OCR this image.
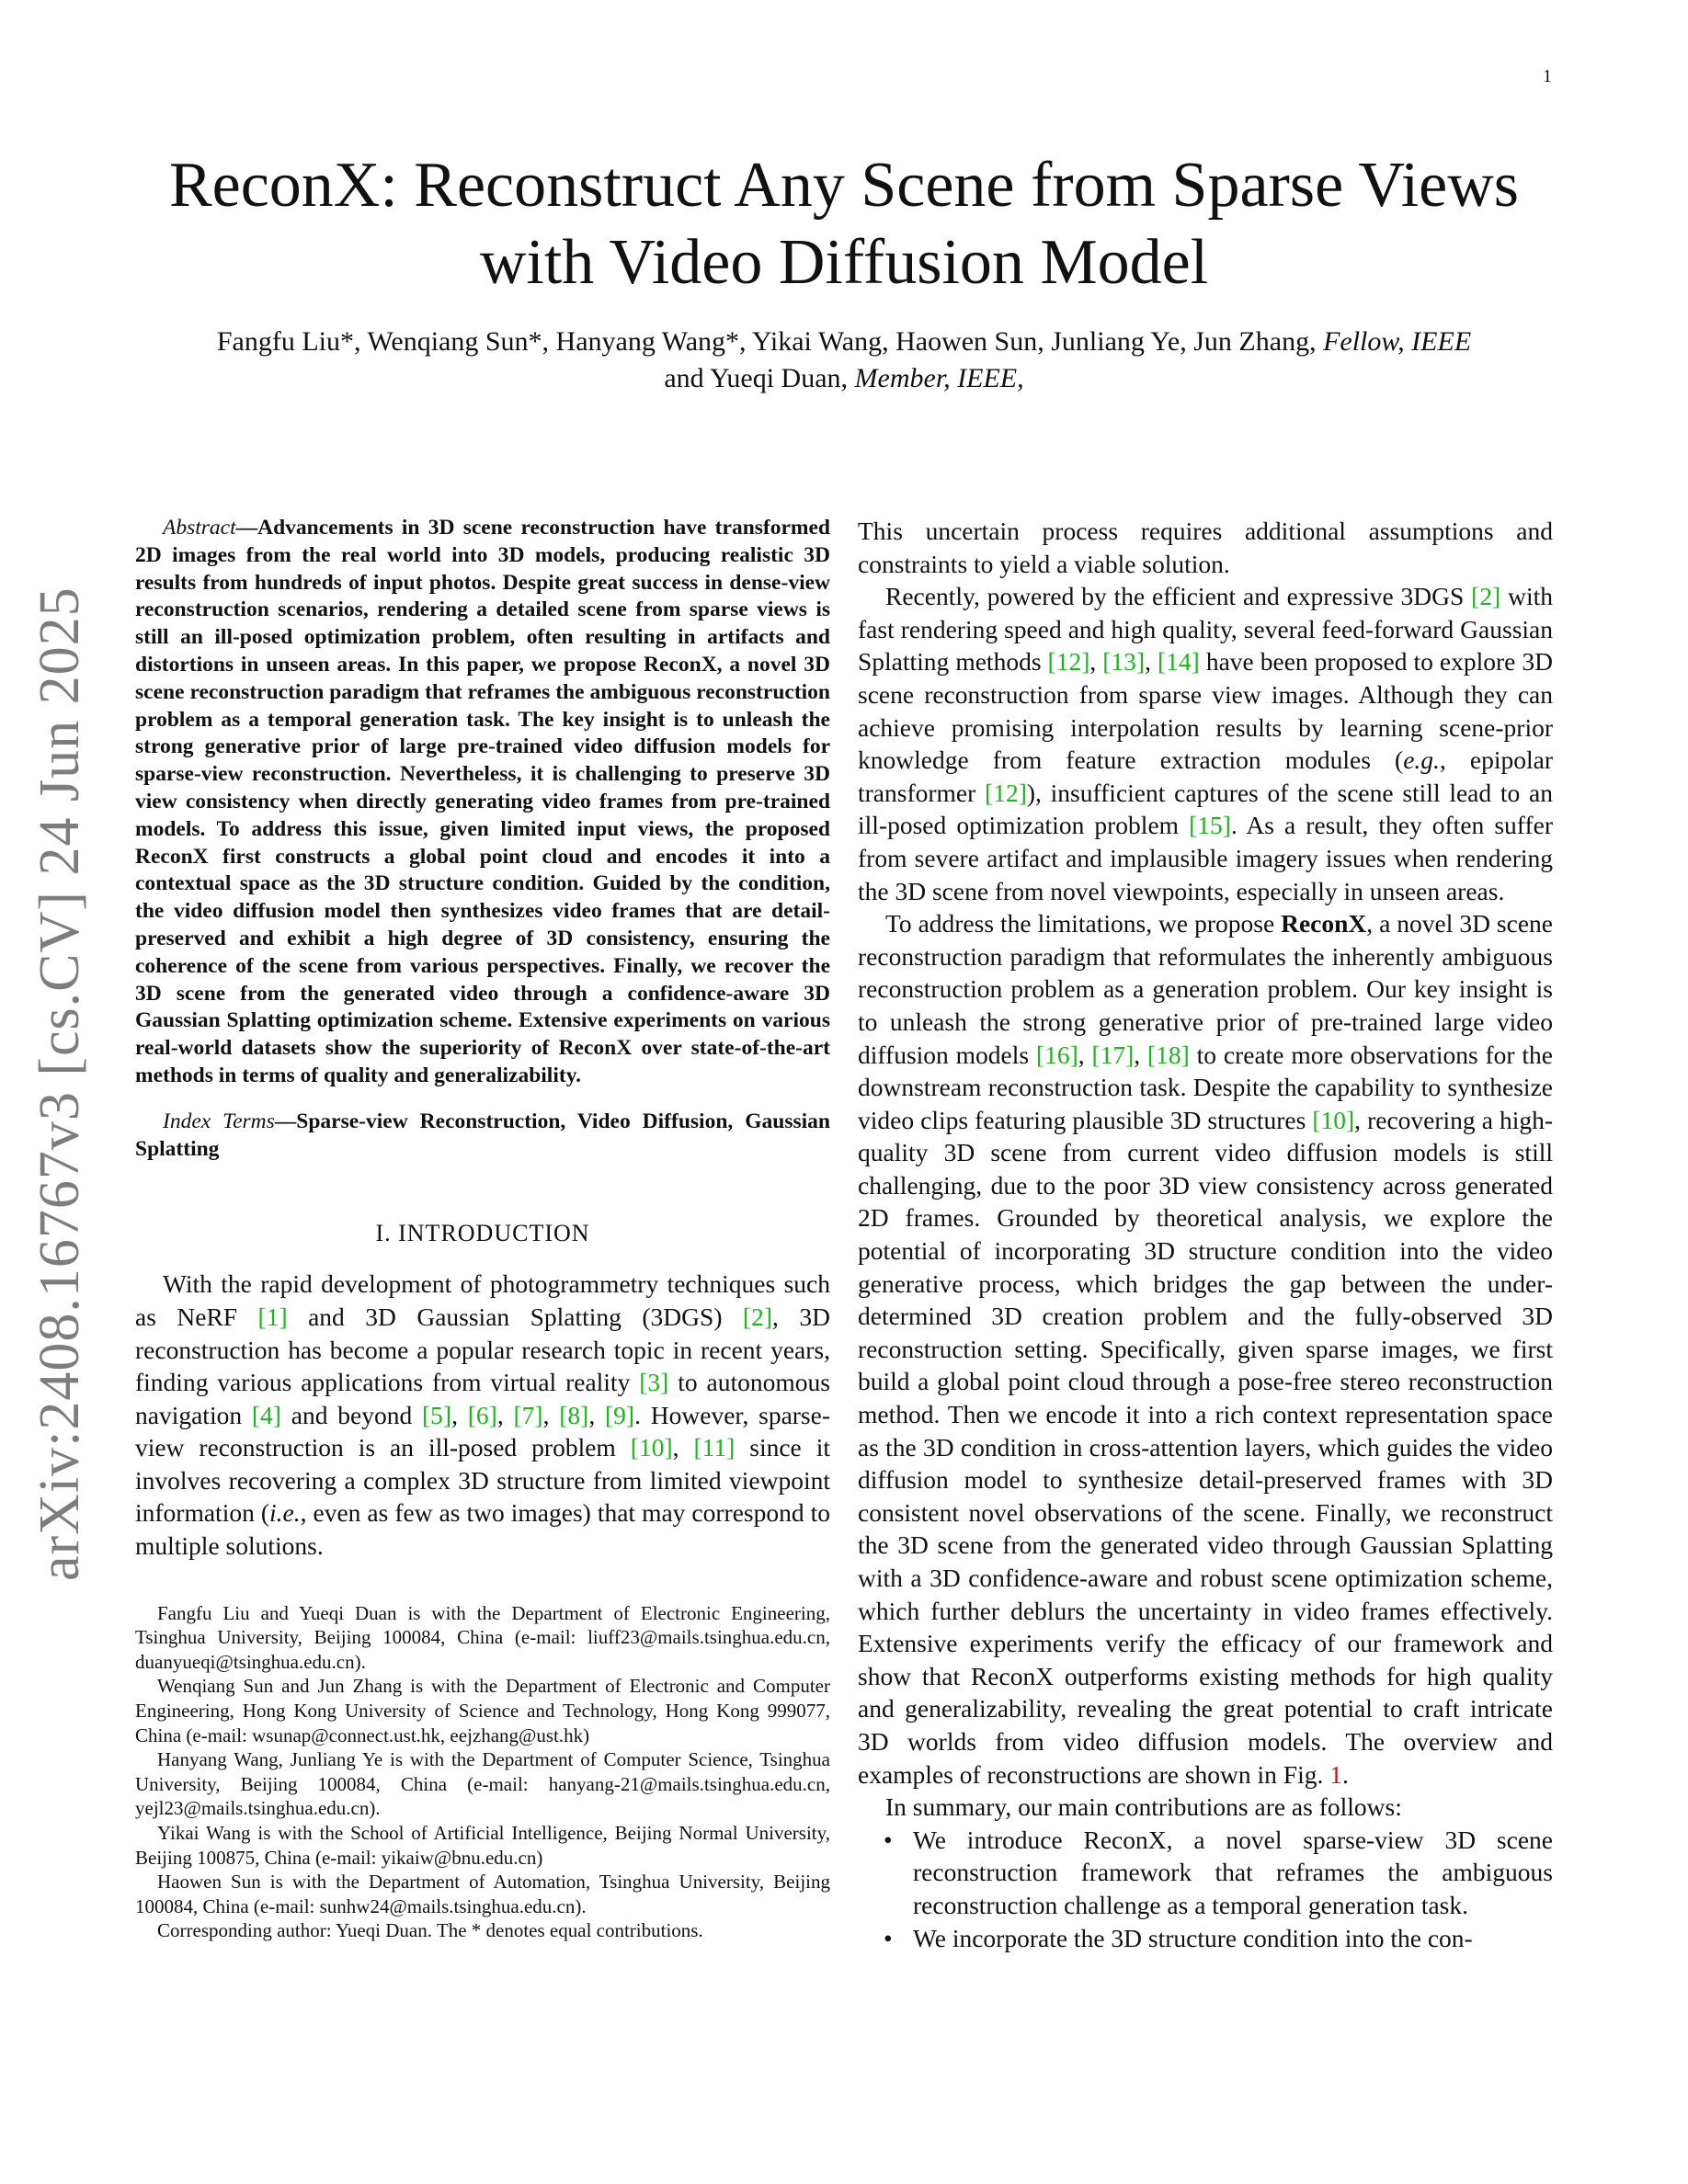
1
arXiv:2408.16767v3 [cs.CV] 24 Jun 2025
ReconX: Reconstruct Any Scene from Sparse Views
with Video Diffusion Model
Fangfu Liu*, Wenqiang Sun*, Hanyang Wang*, Yikai Wang, Haowen Sun, Junliang Ye, Jun Zhang, Fellow, IEEE
and Yueqi Duan, Member, IEEE,

Abstract—Advancements in 3D scene reconstruction have transformed 2D images from the real world into 3D models, producing realistic 3D results from hundreds of input photos. Despite great success in dense-view reconstruction scenarios, rendering a detailed scene from sparse views is still an ill-posed optimization problem, often resulting in artifacts and distortions in unseen areas. In this paper, we propose ReconX, a novel 3D scene reconstruction paradigm that reframes the ambiguous reconstruction problem as a temporal generation task. The key insight is to unleash the strong generative prior of large pre-trained video diffusion models for sparse-view reconstruction. Nevertheless, it is challenging to preserve 3D view consistency when directly generating video frames from pre-trained models. To address this issue, given limited input views, the proposed ReconX first constructs a global point cloud and encodes it into a contextual space as the 3D structure condition. Guided by the condition, the video diffusion model then synthesizes video frames that are detail-preserved and exhibit a high degree of 3D consistency, ensuring the coherence of the scene from various perspectives. Finally, we recover the 3D scene from the generated video through a confidence-aware 3D Gaussian Splatting optimization scheme. Extensive experiments on various real-world datasets show the superiority of ReconX over state-of-the-art methods in terms of quality and generalizability.

Index Terms—Sparse-view Reconstruction, Video Diffusion, Gaussian Splatting

I. INTRODUCTION

With the rapid development of photogrammetry techniques such as NeRF [1] and 3D Gaussian Splatting (3DGS) [2], 3D reconstruction has become a popular research topic in recent years, finding various applications from virtual reality [3] to autonomous navigation [4] and beyond [5], [6], [7], [8], [9]. However, sparse-view reconstruction is an ill-posed problem [10], [11] since it involves recovering a complex 3D structure from limited viewpoint information (i.e., even as few as two images) that may correspond to multiple solutions.

Fangfu Liu and Yueqi Duan is with the Department of Electronic Engineering, Tsinghua University, Beijing 100084, China (e-mail: liuff23@mails.tsinghua.edu.cn, duanyueqi@tsinghua.edu.cn).

Wenqiang Sun and Jun Zhang is with the Department of Electronic and Computer Engineering, Hong Kong University of Science and Technology, Hong Kong 999077, China (e-mail: wsunap@connect.ust.hk, eejzhang@ust.hk)

Hanyang Wang, Junliang Ye is with the Department of Computer Science, Tsinghua University, Beijing 100084, China (e-mail: hanyang-21@mails.tsinghua.edu.cn, yejl23@mails.tsinghua.edu.cn).

Yikai Wang is with the School of Artificial Intelligence, Beijing Normal University, Beijing 100875, China (e-mail: yikaiw@bnu.edu.cn)

Haowen Sun is with the Department of Automation, Tsinghua University, Beijing 100084, China (e-mail: sunhw24@mails.tsinghua.edu.cn).

Corresponding author: Yueqi Duan. The * denotes equal contributions.

This uncertain process requires additional assumptions and constraints to yield a viable solution.

Recently, powered by the efficient and expressive 3DGS [2] with fast rendering speed and high quality, several feed-forward Gaussian Splatting methods [12], [13], [14] have been proposed to explore 3D scene reconstruction from sparse view images. Although they can achieve promising interpolation results by learning scene-prior knowledge from feature extraction modules (e.g., epipolar transformer [12]), insufficient captures of the scene still lead to an ill-posed optimization problem [15]. As a result, they often suffer from severe artifact and implausible imagery issues when rendering the 3D scene from novel viewpoints, especially in unseen areas.

To address the limitations, we propose ReconX, a novel 3D scene reconstruction paradigm that reformulates the inherently ambiguous reconstruction problem as a generation problem. Our key insight is to unleash the strong generative prior of pre-trained large video diffusion models [16], [17], [18] to create more observations for the downstream reconstruction task. Despite the capability to synthesize video clips featuring plausible 3D structures [10], recovering a high-quality 3D scene from current video diffusion models is still challenging, due to the poor 3D view consistency across generated 2D frames. Grounded by theoretical analysis, we explore the potential of incorporating 3D structure condition into the video generative process, which bridges the gap between the under-determined 3D creation problem and the fully-observed 3D reconstruction setting. Specifically, given sparse images, we first build a global point cloud through a pose-free stereo reconstruction method. Then we encode it into a rich context representation space as the 3D condition in cross-attention layers, which guides the video diffusion model to synthesize detail-preserved frames with 3D consistent novel observations of the scene. Finally, we reconstruct the 3D scene from the generated video through Gaussian Splatting with a 3D confidence-aware and robust scene optimization scheme, which further deblurs the uncertainty in video frames effectively. Extensive experiments verify the efficacy of our framework and show that ReconX outperforms existing methods for high quality and generalizability, revealing the great potential to craft intricate 3D worlds from video diffusion models. The overview and examples of reconstructions are shown in Fig. 1.

In summary, our main contributions are as follows:

• We introduce ReconX, a novel sparse-view 3D scene reconstruction framework that reframes the ambiguous reconstruction challenge as a temporal generation task.
• We incorporate the 3D structure condition into the con-
